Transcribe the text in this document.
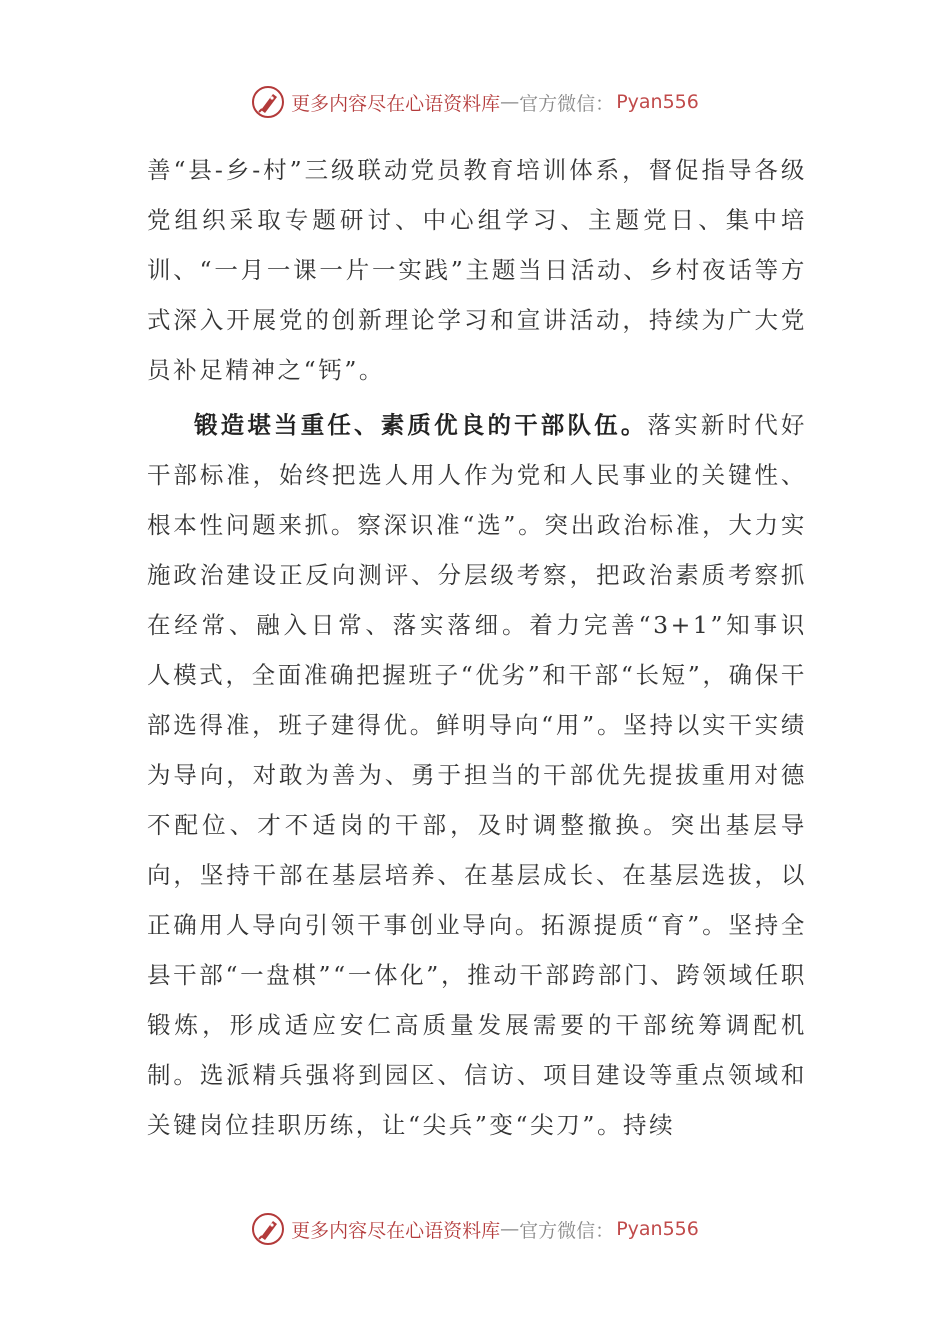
更多内容尽在心语资料库 — 官方微信： Pyan556

善“县-乡-村”三级联动党员教育培训体系，督促指导各级党组织采取专题研讨、中心组学习、主题党日、集中培训、“一月一课一片一实践”主题当日活动、乡村夜话等方式深入开展党的创新理论学习和宣讲活动，持续为广大党员补足精神之“钙”。

锻造堪当重任、素质优良的干部队伍。落实新时代好干部标准，始终把选人用人作为党和人民事业的关键性、根本性问题来抓。察深识准“选”。突出政治标准，大力实施政治建设正反向测评、分层级考察，把政治素质考察抓在经常、融入日常、落实落细。着力完善“3+1”知事识人模式，全面准确把握班子“优劣”和干部“长短”，确保干部选得准，班子建得优。鲜明导向“用”。坚持以实干实绩为导向，对敢为善为、勇于担当的干部优先提拔重用对德不配位、才不适岗的干部，及时调整撤换。突出基层导向，坚持干部在基层培养、在基层成长、在基层选拔，以正确用人导向引领干事创业导向。拓源提质“育”。坚持全县干部“一盘棋”“一体化”，推动干部跨部门、跨领域任职锻炼，形成适应安仁高质量发展需要的干部统筹调配机制。选派精兵强将到园区、信访、项目建设等重点领域和关键岗位挂职历练，让“尖兵”变“尖刀”。持续

更多内容尽在心语资料库 — 官方微信： Pyan556
